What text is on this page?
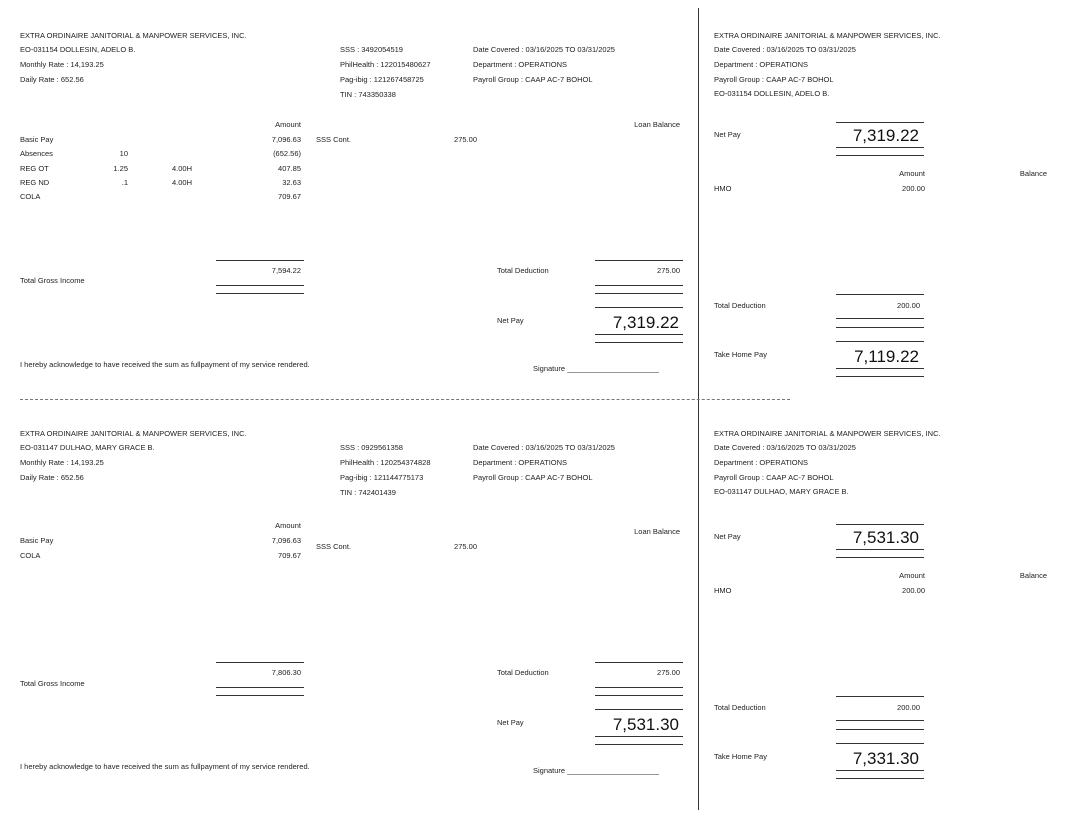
EXTRA ORDINAIRE JANITORIAL & MANPOWER SERVICES, INC.
EO-031154 DOLLESIN, ADELO B.
Monthly Rate : 14,193.25
Daily Rate : 652.56
SSS : 3492054519
PhilHealth : 122015480627
Pag-ibig : 121267458725
TIN : 743350338
Date Covered : 03/16/2025 TO 03/31/2025
Department : OPERATIONS
Payroll Group : CAAP AC-7 BOHOL
Amount	Loan Balance
Basic Pay	7,096.63
Absences	10	(652.56)
REG OT	1.25	4.00H	407.85
REG ND	.1	4.00H	32.63
COLA	709.67
SSS Cont.	275.00
7,594.22
Total Gross Income
Total Deduction	275.00
Net Pay	7,319.22
I hereby acknowledge to have received the sum as fullpayment of my service rendered.	Signature ______________________
EXTRA ORDINAIRE JANITORIAL & MANPOWER SERVICES, INC.
Date Covered : 03/16/2025 TO 03/31/2025
Department : OPERATIONS
Payroll Group : CAAP AC-7 BOHOL
EO-031154 DOLLESIN, ADELO B.
Net Pay	7,319.22
Amount	Balance
HMO	200.00
Total Deduction	200.00
Take Home Pay	7,119.22
EXTRA ORDINAIRE JANITORIAL & MANPOWER SERVICES, INC.
EO-031147 DULHAO, MARY GRACE B.
Monthly Rate : 14,193.25
Daily Rate : 652.56
SSS : 0929561358
PhilHealth : 120254374828
Pag-ibig : 121144775173
TIN : 742401439
Date Covered : 03/16/2025 TO 03/31/2025
Department : OPERATIONS
Payroll Group : CAAP AC-7 BOHOL
Amount
Loan Balance
Basic Pay	7,096.63
COLA	709.67
SSS Cont.	275.00
7,806.30
Total Gross Income
Total Deduction	275.00
Net Pay	7,531.30
I hereby acknowledge to have received the sum as fullpayment of my service rendered.	Signature ______________________
EXTRA ORDINAIRE JANITORIAL & MANPOWER SERVICES, INC.
Date Covered : 03/16/2025 TO 03/31/2025
Department : OPERATIONS
Payroll Group : CAAP AC-7 BOHOL
EO-031147 DULHAO, MARY GRACE B.
Net Pay	7,531.30
Amount	Balance
HMO	200.00
Total Deduction	200.00
Take Home Pay	7,331.30
